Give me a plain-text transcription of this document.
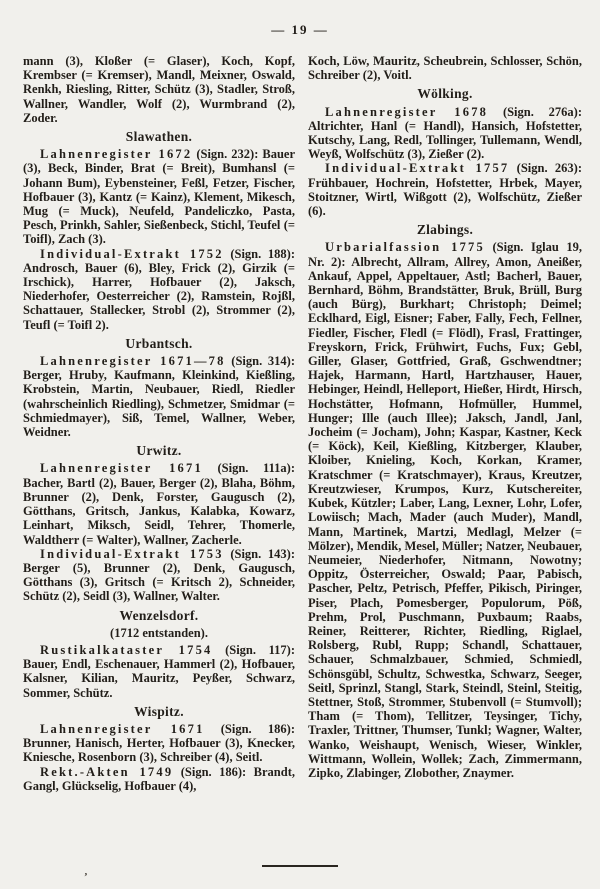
— 19 —

mann (3), Kloßer (= Glaser), Koch, Kopf, Krembser (= Kremser), Mandl, Meixner, Oswald, Renkh, Riesling, Ritter, Schütz (3), Stadler, Stroß, Wallner, Wandler, Wolf (2), Wurmbrand (2), Zoder.

Slawathen.

Lahnenregister 1672 (Sign. 232): Bauer (3), Beck, Binder, Brat (= Breit), Bumhansl (= Johann Bum), Eybensteiner, Feßl, Fetzer, Fischer, Hofbauer (3), Kantz (= Kainz), Klement, Mikesch, Mug (= Muck), Neufeld, Pandeliczko, Pasta, Pesch, Prinkh, Sahler, Sießenbeck, Stichl, Teufel (= Toifl), Zach (3).

Individual-Extrakt 1752 (Sign. 188): Androsch, Bauer (6), Bley, Frick (2), Girzik (= Irschick), Harrer, Hofbauer (2), Jaksch, Niederhofer, Oesterreicher (2), Ramstein, Rojßl, Schattauer, Stallecker, Strobl (2), Strommer (2), Teufl (= Toifl 2).

Urbantsch.

Lahnenregister 1671—78 (Sign. 314): Berger, Hruby, Kaufmann, Kleinkind, Kießling, Krobstein, Martin, Neubauer, Riedl, Riedler (wahrscheinlich Riedling), Schmetzer, Smidmar (= Schmiedmayer), Siß, Temel, Wallner, Weber, Weidner.

Urwitz.

Lahnenregister 1671 (Sign. 111a): Bacher, Bartl (2), Bauer, Berger (2), Blaha, Böhm, Brunner (2), Denk, Forster, Gaugusch (2), Götthans, Gritsch, Jankus, Kalabka, Kowarz, Leinhart, Miksch, Seidl, Tehrer, Thomerle, Waldtherr (= Walter), Wallner, Zacherle.

Individual-Extrakt 1753 (Sign. 143): Berger (5), Brunner (2), Denk, Gaugusch, Götthans (3), Gritsch (= Kritsch 2), Schneider, Schütz (2), Seidl (3), Wallner, Walter.

Wenzelsdorf.

(1712 entstanden).

Rustikalkataster 1754 (Sign. 117): Bauer, Endl, Eschenauer, Hammerl (2), Hofbauer, Kalsner, Kilian, Mauritz, Peyßer, Schwarz, Sommer, Schütz.

Wispitz.

Lahnenregister 1671 (Sign. 186): Brunner, Hanisch, Herter, Hofbauer (3), Knecker, Kniesche, Rosenborn (3), Schreiber (4), Seitl.

Rekt.-Akten 1749 (Sign. 186): Brandt, Gangl, Glückselig, Hofbauer (4),

Koch, Löw, Mauritz, Scheubrein, Schlosser, Schön, Schreiber (2), Voitl.

Wölking.

Lahnenregister 1678 (Sign. 276a): Altrichter, Hanl (= Handl), Hansich, Hofstetter, Kutschy, Lang, Redl, Tollinger, Tullemann, Wendl, Weyß, Wolfschütz (3), Zießer (2).

Individual-Extrakt 1757 (Sign. 263): Frühbauer, Hochrein, Hofstetter, Hrbek, Mayer, Stoitzner, Wirtl, Wißgott (2), Wolfschütz, Zießer (6).

Zlabings.

Urbarialfassion 1775 (Sign. Iglau 19, Nr. 2): Albrecht, Allram, Allrey, Amon, Aneißer, Ankauf, Appel, Appeltauer, Astl; Bacherl, Bauer, Bernhard, Böhm, Brandstätter, Bruk, Brüll, Burg (auch Bürg), Burkhart; Christoph; Deimel; Ecklhard, Eigl, Eisner; Faber, Fally, Fech, Fellner, Fiedler, Fischer, Fledl (= Flödl), Frasl, Frattinger, Freyskorn, Frick, Frühwirt, Fuchs, Fux; Gebl, Giller, Glaser, Gottfried, Graß, Gschwendtner; Hajek, Harmann, Hartl, Hartzhauser, Hauer, Hebinger, Heindl, Helleport, Hießer, Hirdt, Hirsch, Hochstätter, Hofmann, Hofmüller, Hummel, Hunger; Ille (auch Illee); Jaksch, Jandl, Janl, Jocheim (= Jocham), John; Kaspar, Kastner, Keck (= Köck), Keil, Kießling, Kitzberger, Klauber, Kloiber, Knieling, Koch, Korkan, Kramer, Kratschmer (= Kratschmayer), Kraus, Kreutzer, Kreutzwieser, Krumpos, Kurz, Kutschereiter, Kubek, Kützler; Laber, Lang, Lexner, Lohr, Lofer, Lowiisch; Mach, Mader (auch Muder), Mandl, Mann, Martinek, Martzi, Medlagl, Melzer (= Mölzer), Mendik, Mesel, Müller; Natzer, Neubauer, Neumeier, Niederhofer, Nitmann, Nowotny; Oppitz, Österreicher, Oswald; Paar, Pabisch, Pascher, Peltz, Petrisch, Pfeffer, Pikisch, Piringer, Piser, Plach, Pomesberger, Populorum, Pöß, Prehm, Prol, Puschmann, Puxbaum; Raabs, Reiner, Reitterer, Richter, Riedling, Riglael, Rolsberg, Rubl, Rupp; Schandl, Schattauer, Schauer, Schmalzbauer, Schmied, Schmiedl, Schönsgübl, Schultz, Schwestka, Schwarz, Seeger, Seitl, Sprinzl, Stangl, Stark, Steindl, Steinl, Steitig, Stettner, Stoß, Strommer, Stubenvoll (= Stumvoll); Tham (= Thom), Tellitzer, Teysinger, Tichy, Traxler, Trittner, Thumser, Tunkl; Wagner, Walter, Wanko, Weishaupt, Wenisch, Wieser, Winkler, Wittmann, Wollein, Wollek; Zach, Zimmermann, Zipko, Zlabinger, Zlobother, Znaymer.

’
